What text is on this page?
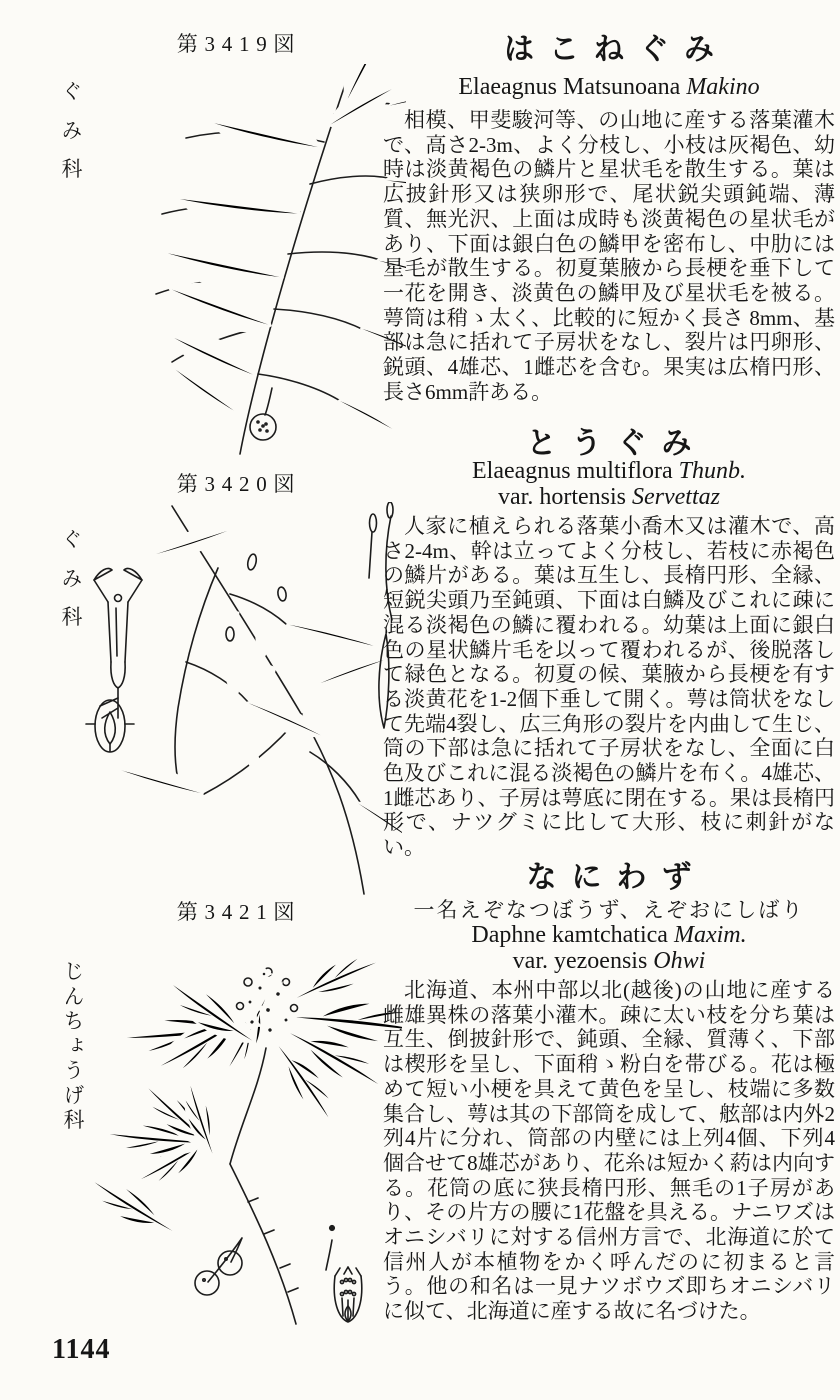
第3419図
ぐみ科
第3420図
ぐみ科
第3421図
じんちょうげ科
はこねぐみ
Elaeagnus Matsunoana Makino
相模、甲斐駿河等、の山地に産する落葉灌木で、高さ2-3m、よく分枝し、小枝は灰褐色、幼時は淡黄褐色の鱗片と星状毛を散生する。葉は広披針形又は狭卵形で、尾状鋭尖頭鈍端、薄質、無光沢、上面は成時も淡黄褐色の星状毛があり、下面は銀白色の鱗甲を密布し、中肋には星毛が散生する。初夏葉腋から長梗を垂下して一花を開き、淡黄色の鱗甲及び星状毛を被る。萼筒は稍ゝ太く、比較的に短かく長さ 8mm、基部は急に括れて子房状をなし、裂片は円卵形、鋭頭、4雄芯、1雌芯を含む。果実は広楕円形、長さ6mm許ある。
とうぐみ
Elaeagnus multiflora Thunb.
var. hortensis Servettaz
人家に植えられる落葉小喬木又は灌木で、高さ2-4m、幹は立ってよく分枝し、若枝に赤褐色の鱗片がある。葉は互生し、長楕円形、全縁、短鋭尖頭乃至鈍頭、下面は白鱗及びこれに疎に混る淡褐色の鱗に覆われる。幼葉は上面に銀白色の星状鱗片毛を以って覆われるが、後脱落して緑色となる。初夏の候、葉腋から長梗を有する淡黄花を1-2個下垂して開く。萼は筒状をなして先端4裂し、広三角形の裂片を内曲して生じ、筒の下部は急に括れて子房状をなし、全面に白色及びこれに混る淡褐色の鱗片を布く。4雄芯、1雌芯あり、子房は萼底に閉在する。果は長楕円形で、ナツグミに比して大形、枝に刺針がない。
なにわず
一名えぞなつぼうず、えぞおにしばり
Daphne kamtchatica Maxim.
var. yezoensis Ohwi
北海道、本州中部以北(越後)の山地に産する雌雄異株の落葉小灌木。疎に太い枝を分ち葉は互生、倒披針形で、鈍頭、全縁、質薄く、下部は楔形を呈し、下面稍ゝ粉白を帯びる。花は極めて短い小梗を具えて黄色を呈し、枝端に多数集合し、萼は其の下部筒を成して、舷部は内外2列4片に分れ、筒部の内壁には上列4個、下列4個合せて8雄芯があり、花糸は短かく葯は内向する。花筒の底に狭長楕円形、無毛の1子房があり、その片方の腰に1花盤を具える。ナニワズはオニシバリに対する信州方言で、北海道に於て信州人が本植物をかく呼んだのに初まると言う。他の和名は一見ナツボウズ即ちオニシバリに似て、北海道に産する故に名づけた。
1144
